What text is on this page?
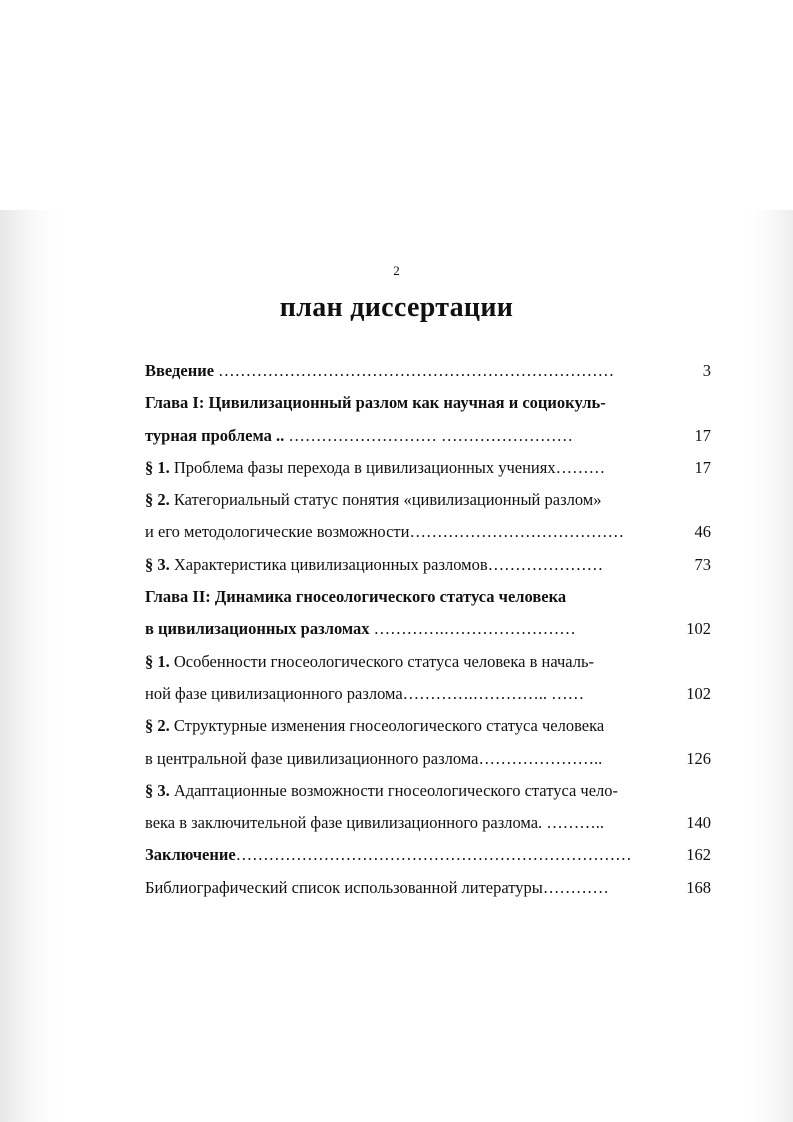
2
план диссертации
Введение ………………………………………………………………	3
Глава I: Цивилизационный разлом как научная и социокуль-
турная проблема .. ……………………… ……………………	17
§ 1. Проблема фазы перехода в цивилизационных учениях………	17
§ 2. Категориальный статус понятия «цивилизационный разлом»
и его методологические возможности…………………………………	46
§ 3. Характеристика цивилизационных разломов…………………	73
Глава II: Динамика гносеологического статуса человека
в цивилизационных разломах ………….……………………	102
§ 1. Особенности гносеологического статуса человека в началь-
ной фазе цивилизационного разлома………….………….. ……	102
§ 2. Структурные изменения гносеологического статуса человека
в центральной фазе цивилизационного разлома…………………..	126
§ 3. Адаптационные возможности гносеологического статуса чело-
века в заключительной фазе цивилизационного разлома. ………..	140
Заключение………………………………………………………………	162
Библиографический список использованной литературы…………	168
